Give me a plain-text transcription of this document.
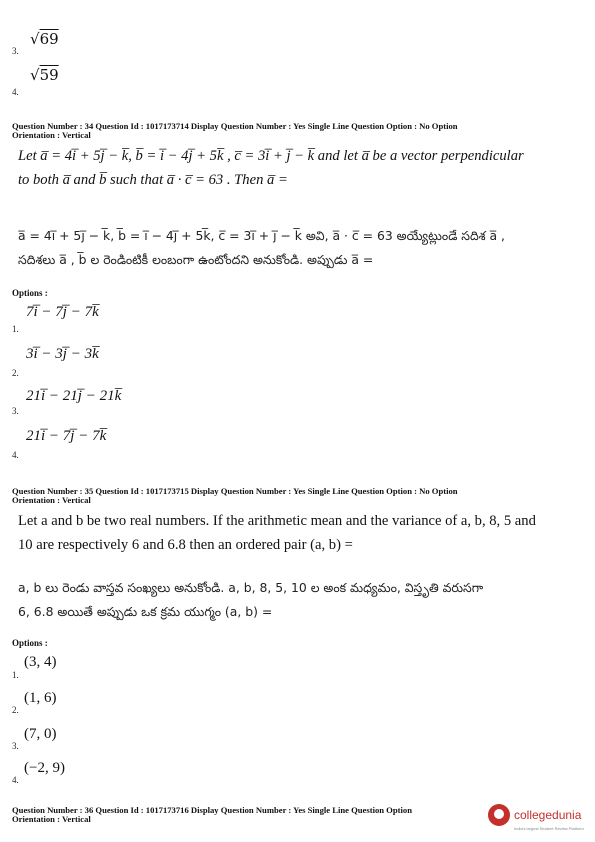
√69
3.
√59
4.
Question Number : 34 Question Id : 1017173714 Display Question Number : Yes Single Line Question Option : No Option
Orientation : Vertical
Let a̅ = 4i̅ + 5j̅ − k̅, b̅ = i̅ − 4j̅ + 5k̅ , c̅ = 3i̅ + j̅ − k̅ and let a̅ be a vector perpendicular
to both a̅ and b̅ such that a̅ · c̅ = 63 . Then a̅ =
a̅ = 4i̅ + 5j̅ − k̅, b̅ = i̅ − 4j̅ + 5k̅, c̅ = 3i̅ + j̅ − k̅ అవి, a̅ · c̅ = 63 అయ్యేట్లుండే సదిశ a̅ ,
సదిశలు a̅ , b̅ ల రెండింటికీ లంబంగా ఉంటోందని అనుకోండి. అప్పుడు a̅ =
Options :
7i̅ − 7j̅ − 7k̅
1.
3i̅ − 3j̅ − 3k̅
2.
21i̅ − 21j̅ − 21k̅
3.
21i̅ − 7j̅ − 7k̅
4.
Question Number : 35 Question Id : 1017173715 Display Question Number : Yes Single Line Question Option : No Option
Orientation : Vertical
Let a and b be two real numbers. If the arithmetic mean and the variance of a, b, 8, 5 and
10 are respectively 6 and 6.8 then an ordered pair (a, b) =
a, b లు రెండు వాస్తవ సంఖ్యలు అనుకోండి. a, b, 8, 5, 10 ల అంక మధ్యమం, విస్తృతి వరుసగా
6, 6.8 అయితే అప్పుడు ఒక క్రమ యుగ్మం (a, b) =
Options :
(3, 4)
1.
(1, 6)
2.
(7, 0)
3.
(−2, 9)
4.
Question Number : 36 Question Id : 1017173716 Display Question Number : Yes Single Line Question Option
Orientation : Vertical	collegedunia
India's largest Student Review Platform
